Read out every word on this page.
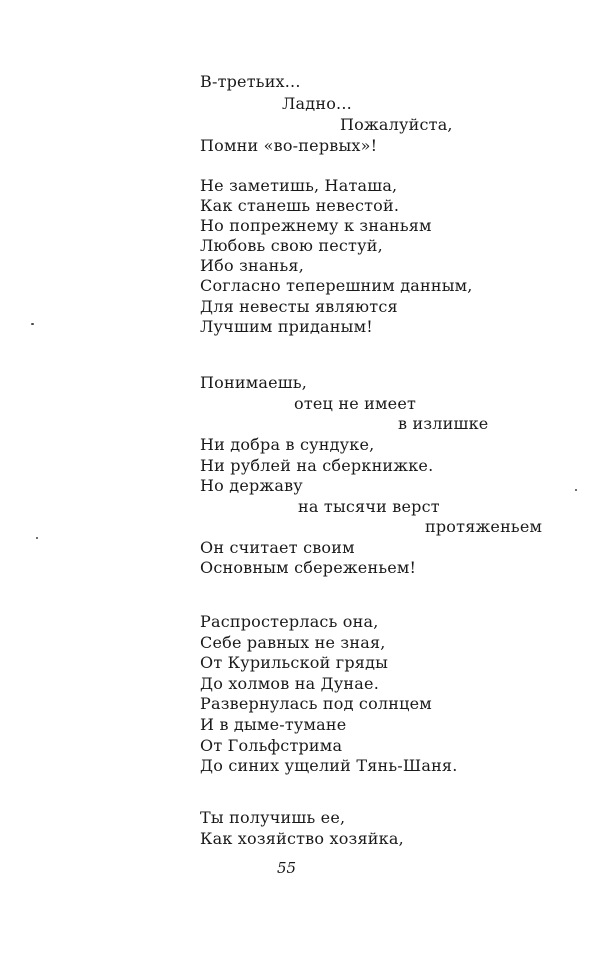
В-третьих...
Ладно...
Пожалуйста,
Помни «во-первых»!
Не заметишь, Наташа,
Как станешь невестой.
Но попрежнему к знаньям
Любовь свою пестуй,
Ибо знанья,
Согласно теперешним данным,
Для невесты являются
Лучшим приданым!
Понимаешь,
отец не имеет
в излишке
Ни добра в сундуке,
Ни рублей на сберкнижке.
Но державу
на тысячи верст
протяженьем
Он считает своим
Основным сбереженьем!
Распростерлась она,
Себе равных не зная,
От Курильской гряды
До холмов на Дунае.
Развернулась под солнцем
И в дыме-тумане
От Гольфстрима
До синих ущелий Тянь-Шаня.
Ты получишь ее,
Как хозяйство хозяйка,
55
